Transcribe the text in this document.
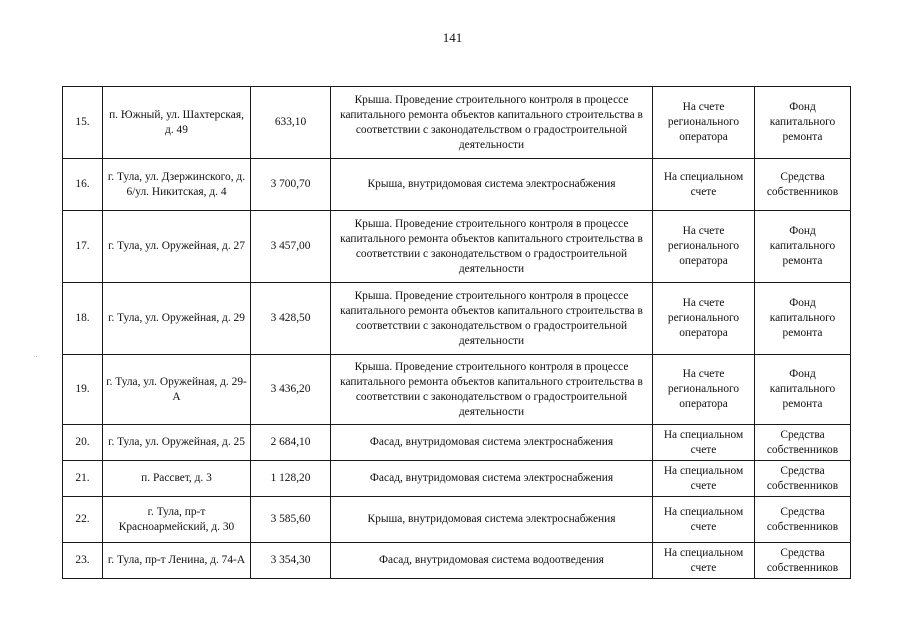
141
15.	п. Южный, ул. Шахтерская, д. 49	633,10	Крыша. Проведение строительного контроля в процессе капитального ремонта объектов капитального строительства в соответствии с законодательством о градостроительной деятельности	На счете регионального оператора	Фонд капитального ремонта
16.	г. Тула, ул. Дзержинского, д. 6/ул. Никитская, д. 4	3 700,70	Крыша, внутридомовая система электроснабжения	На специальном счете	Средства собственников
17.	г. Тула, ул. Оружейная, д. 27	3 457,00	Крыша. Проведение строительного контроля в процессе капитального ремонта объектов капитального строительства в соответствии с законодательством о градостроительной деятельности	На счете регионального оператора	Фонд капитального ремонта
18.	г. Тула, ул. Оружейная, д. 29	3 428,50	Крыша. Проведение строительного контроля в процессе капитального ремонта объектов капитального строительства в соответствии с законодательством о градостроительной деятельности	На счете регионального оператора	Фонд капитального ремонта
19.	г. Тула, ул. Оружейная, д. 29-А	3 436,20	Крыша. Проведение строительного контроля в процессе капитального ремонта объектов капитального строительства в соответствии с законодательством о градостроительной деятельности	На счете регионального оператора	Фонд капитального ремонта
20.	г. Тула, ул. Оружейная, д. 25	2 684,10	Фасад, внутридомовая система электроснабжения	На специальном счете	Средства собственников
21.	п. Рассвет, д. 3	1 128,20	Фасад, внутридомовая система электроснабжения	На специальном счете	Средства собственников
22.	г. Тула, пр-т Красноармейский, д. 30	3 585,60	Крыша, внутридомовая система электроснабжения	На специальном счете	Средства собственников
23.	г. Тула, пр-т Ленина, д. 74-А	3 354,30	Фасад, внутридомовая система водоотведения	На специальном счете	Средства собственников
